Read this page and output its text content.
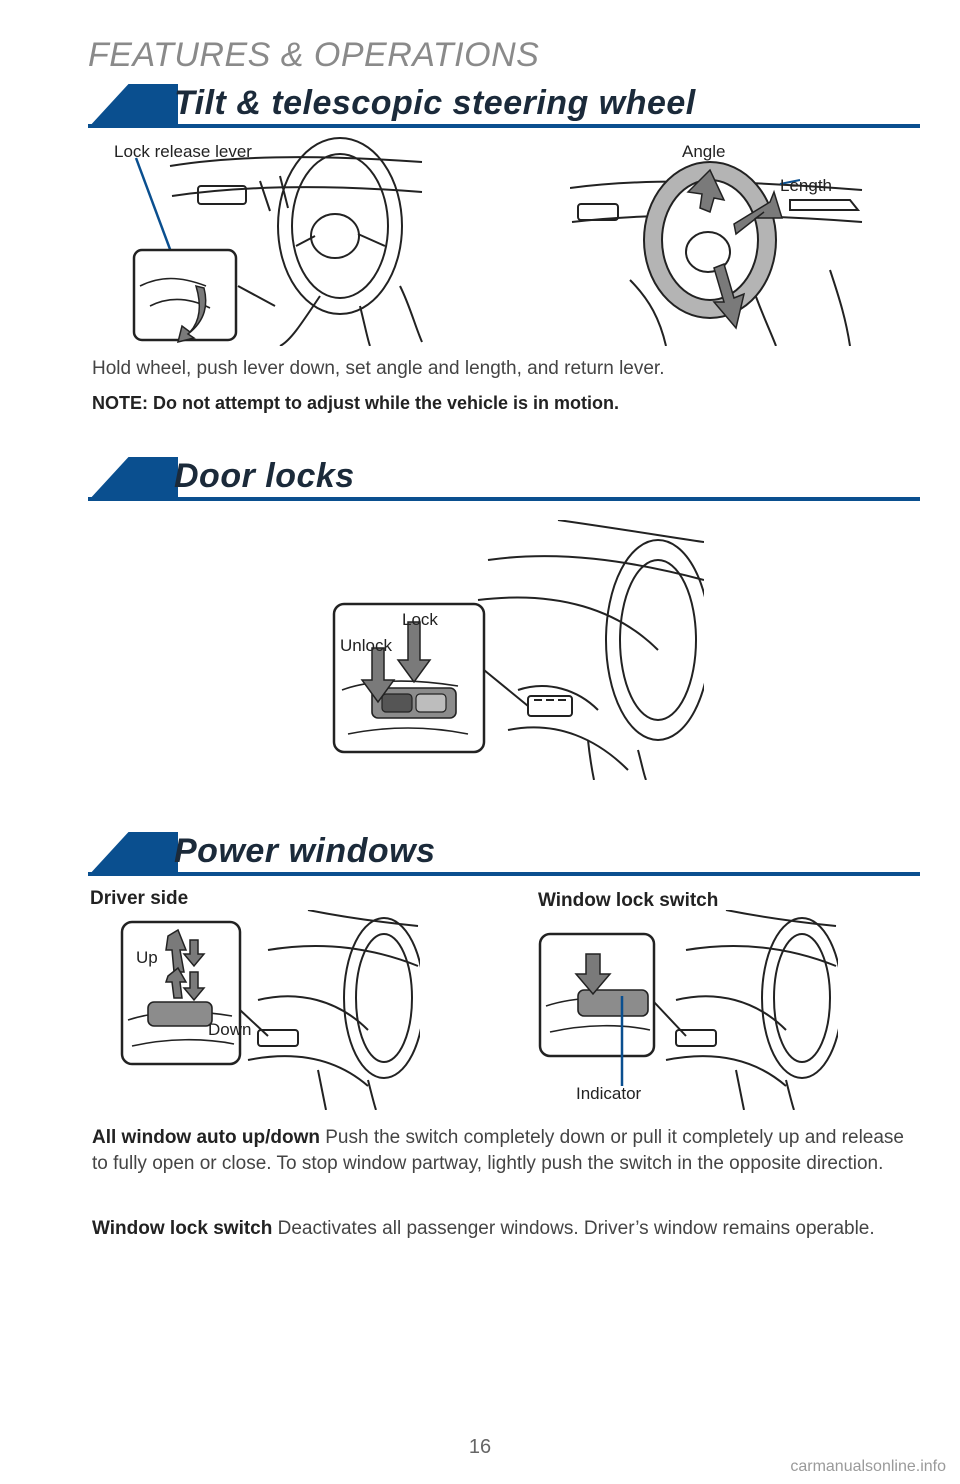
FEATURES & OPERATIONS
Tilt & telescopic steering wheel
Lock release lever	Angle
Length
Hold wheel, push lever down, set angle and length, and return lever.
NOTE: Do not attempt to adjust while the vehicle is in motion.
Door locks
Lock
Unlock
Power windows
Driver side	Window lock switch
Up
Down
Indicator
All window auto up/down Push the switch completely down or pull it completely up and release to fully open or close. To stop window partway, lightly push the switch in the opposite direction.
Window lock switch Deactivates all passenger windows. Driver’s window remains operable.
16
carmanualsonline.info
